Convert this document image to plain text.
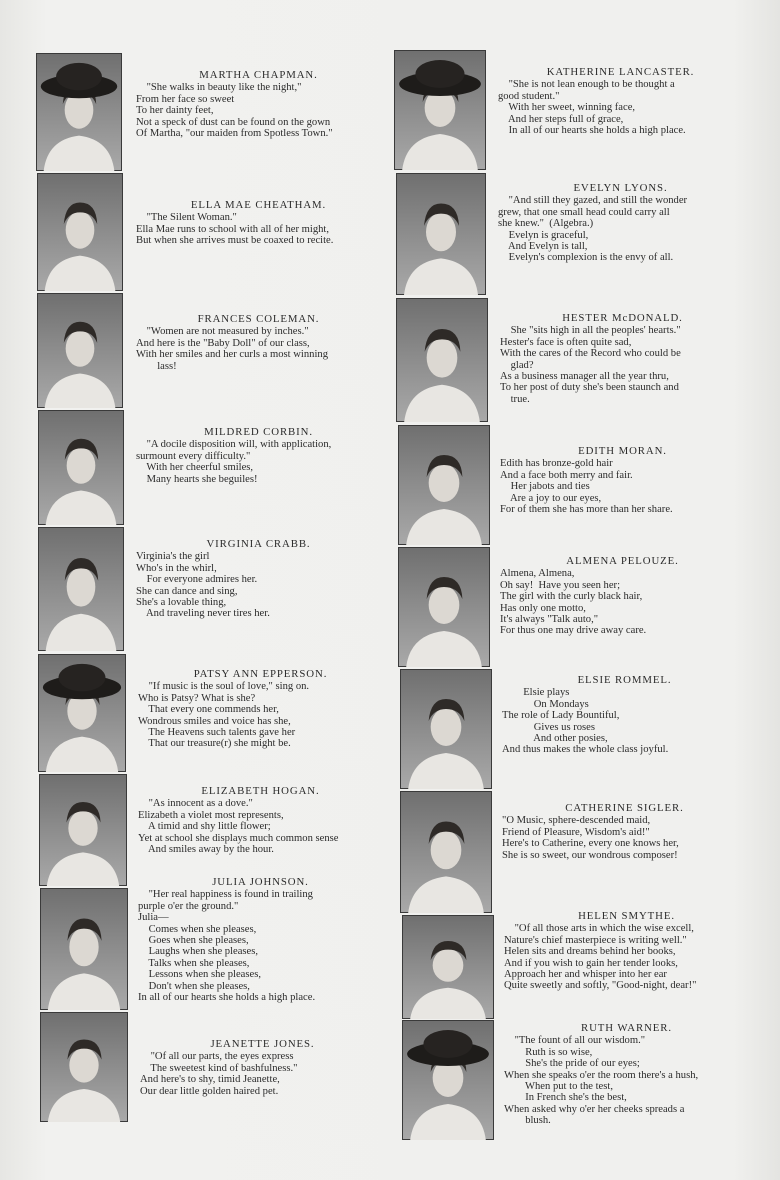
MARTHA CHAPMAN.
"She walks in beauty like the night,"
From her face so sweet
To her dainty feet,
Not a speck of dust can be found on the gown
Of Martha, "our maiden from Spotless Town."
ELLA MAE CHEATHAM.
"The Silent Woman."
Ella Mae runs to school with all of her might,
But when she arrives must be coaxed to recite.
FRANCES COLEMAN.
"Women are not measured by inches."
And here is the "Baby Doll" of our class,
With her smiles and her curls a most winning
lass!
MILDRED CORBIN.
"A docile disposition will, with application,
surmount every difficulty."
With her cheerful smiles,
Many hearts she beguiles!
VIRGINIA CRABB.
Virginia's the girl
Who's in the whirl,
For everyone admires her.
She can dance and sing,
She's a lovable thing,
And traveling never tires her.
PATSY ANN EPPERSON.
"If music is the soul of love," sing on.
Who is Patsy? What is she?
That every one commends her,
Wondrous smiles and voice has she,
The Heavens such talents gave her
That our treasure(r) she might be.
ELIZABETH HOGAN.
"As innocent as a dove."
Elizabeth a violet most represents,
A timid and shy little flower;
Yet at school she displays much common sense
And smiles away by the hour.
JULIA JOHNSON.
"Her real happiness is found in trailing
purple o'er the ground."
Julia—
Comes when she pleases,
Goes when she pleases,
Laughs when she pleases,
Talks when she pleases,
Lessons when she pleases,
Don't when she pleases,
In all of our hearts she holds a high place.
JEANETTE JONES.
"Of all our parts, the eyes express
The sweetest kind of bashfulness."
And here's to shy, timid Jeanette,
Our dear little golden haired pet.
KATHERINE LANCASTER.
"She is not lean enough to be thought a
good student."
With her sweet, winning face,
And her steps full of grace,
In all of our hearts she holds a high place.
EVELYN LYONS.
"And still they gazed, and still the wonder
grew, that one small head could carry all
she knew."  (Algebra.)
Evelyn is graceful,
And Evelyn is tall,
Evelyn's complexion is the envy of all.
HESTER McDONALD.
She "sits high in all the peoples' hearts."
Hester's face is often quite sad,
With the cares of the Record who could be
glad?
As a business manager all the year thru,
To her post of duty she's been staunch and
true.
EDITH MORAN.
Edith has bronze-gold hair
And a face both merry and fair.
Her jabots and ties
Are a joy to our eyes,
For of them she has more than her share.
ALMENA PELOUZE.
Almena, Almena,
Oh say!  Have you seen her;
The girl with the curly black hair,
Has only one motto,
It's always "Talk auto,"
For thus one may drive away care.
ELSIE ROMMEL.
Elsie plays
On Mondays
The role of Lady Bountiful,
Gives us roses
And other posies,
And thus makes the whole class joyful.
CATHERINE SIGLER.
"O Music, sphere-descended maid,
Friend of Pleasure, Wisdom's aid!"
Here's to Catherine, every one knows her,
She is so sweet, our wondrous composer!
HELEN SMYTHE.
"Of all those arts in which the wise excell,
Nature's chief masterpiece is writing well."
Helen sits and dreams behind her books,
And if you wish to gain her tender looks,
Approach her and whisper into her ear
Quite sweetly and softly, "Good-night, dear!"
RUTH WARNER.
"The fount of all our wisdom."
Ruth is so wise,
She's the pride of our eyes;
When she speaks o'er the room there's a hush,
When put to the test,
In French she's the best,
When asked why o'er her cheeks spreads a
blush.
